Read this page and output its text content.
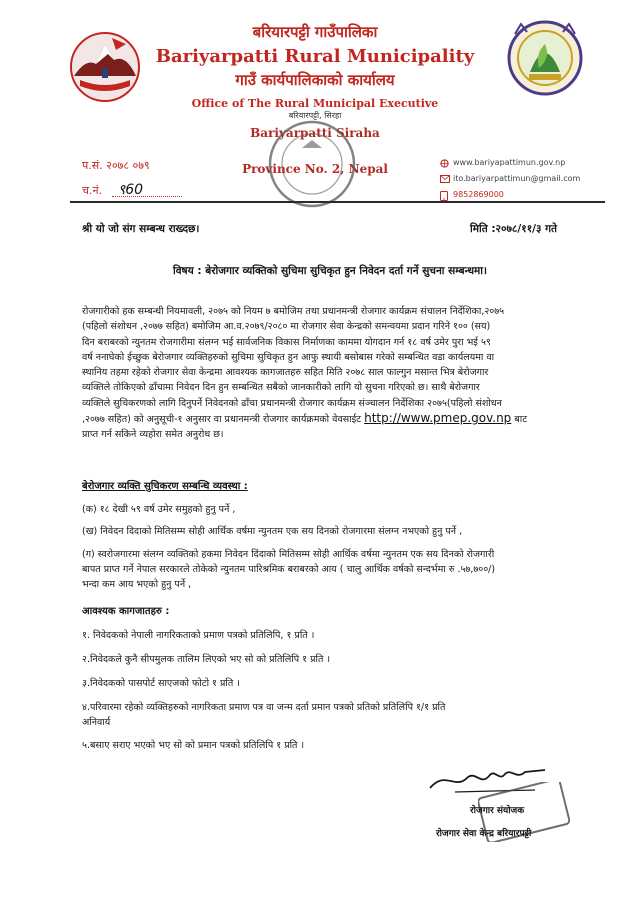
बरियारपट्टी गाउँपालिका
Bariyarpatti Rural Municipality
गाउँ कार्यपालिकाको कार्यालय
Office of The Rural Municipal Executive
बरियारपट्टी, सिरहा
Bariyarpatti Siraha
Province No. 2, Nepal
प.सं. २०७८ ०७९
च.नं. ९60
www.bariyapattimun.gov.np
ito.bariyarpattimun@gmail.com
9852869000
श्री यो जो संग सम्बन्ध राख्दछ।	मिति :२०७८/११/३ गते
विषय : बेरोजगार व्यक्तिको सुचिमा सुचिकृत हुन निवेदन दर्ता गर्ने सुचना सम्बन्धमा।
रोजगारीको हक सम्बन्धी नियमावली, २०७५ को नियम ७ बमोजिम तथा प्रधानमन्त्री रोजगार कार्यक्रम संचालन निर्देशिका,२०७५
(पहिलो संशोधन ,२०७७ सहित) बमोजिम आ.व.२०७९/२०८० मा रोजगार सेवा केन्द्रको समन्वयमा प्रदान गरिने १०० (सय)
दिन बराबरको न्युनतम रोजगारीमा संलग्न भई सार्वजनिक विकास निर्माणका काममा योगदान गर्न १८ वर्ष उमेर पुरा भई ५९
वर्ष ननाघेको ईच्छुक बेरोजगार व्यक्तिहरुको सुचिमा सुचिकृत हुन आफु स्थायी बसोबास गरेको सम्बन्धित वडा कार्यलयमा वा
स्थानिय तहमा रहेको रोजगार सेवा केन्द्रमा आवश्यक कागजातहरु सहित मिति २०७८ साल फाल्गुन मसान्त भित्र बेरोजगार
व्यक्तिले तोकिएको ढाँचामा निवेदन दिन हुन सम्बन्धित सबैको जानकारीको लागि यो सुचना गरिएको छ। साथै बेरोजगार
व्यक्तिले सुचिकरणको लागि दिनुपर्ने निवेदनको ढाँचा प्रधानमन्त्री रोजगार कार्यक्रम संञ्चालन निर्देशिका २०७५(पहिलो संशोधन
,२०७७ सहित) को अनुसूची-१ अनुसार वा प्रधानमन्त्री रोजगार कार्यक्रमको वेवसाईट http://www.pmep.gov.np बाट
प्राप्त गर्न सकिने व्यहोरा समेत अनुरोध छ।
बेरोजगार व्यक्ति सुचिकरण सम्बन्धि व्यवस्था :
(क) १८ देखी ५९ वर्ष उमेर समुहको हुनु पर्ने ,
(ख) निवेदन दिदाको मितिसम्म सोही आर्थिक वर्षमा न्युनतम एक सय दिनको रोजगारमा संलग्न नभएको हुनु पर्ने ,
(ग) स्वरोजगारमा संलग्न व्यक्तिको हकमा निवेदन दिंदाको मितिसम्म सोही आर्थिक वर्षमा न्युनतम एक सय दिनको रोजगारी
बापत प्राप्त गर्ने नेपाल सरकारले तोकेको न्युनतम पारिश्रमिक बराबरको आय ( चालु आर्थिक वर्षको सन्दर्भमा रु .५७,७००/)
भन्दा कम आय भएको हुनु पर्ने ,
आवश्यक कागजातहरु :
१. निवेदकको नेपाली नागरिकताको प्रमाण पत्रको प्रतिलिपि, १ प्रति ।
२.निवेदकले कुनै सीपमुलक तालिम लिएको भए सो को प्रतिलिपि १ प्रति ।
३.निवेदकको पासपोर्ट साएजको फोटो १ प्रति ।
४.परिवारमा रहेको व्यक्तिहरुको नागरिकता प्रमाण पत्र वा जन्म दर्ता प्रमान पत्रको प्रतिको प्रतिलिपि १/१ प्रति
अनिवार्य
५.बसाए सराए भएको भए सो को प्रमान पत्रको प्रतिलिपि १ प्रति ।
रोजगार संयोजक
रोजगार सेवा केन्द्र बरियारपट्टी
